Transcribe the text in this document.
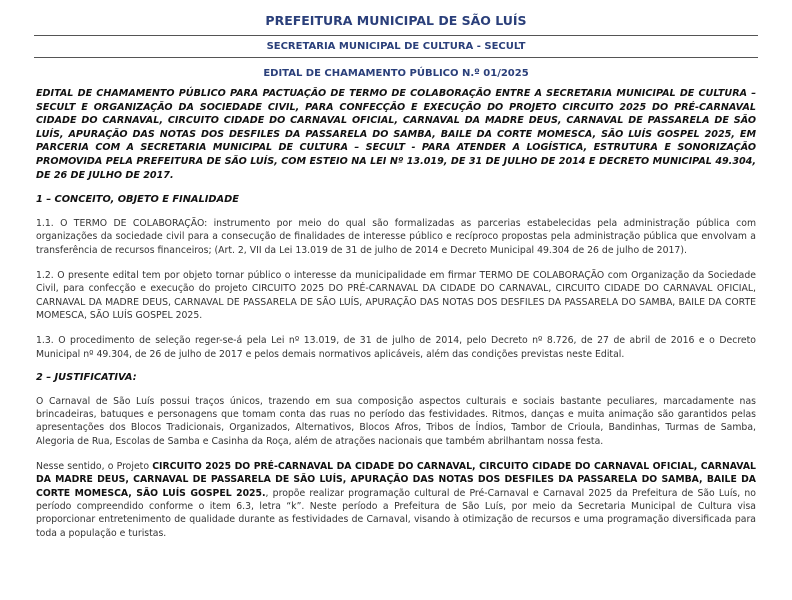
PREFEITURA MUNICIPAL DE SÃO LUÍS
SECRETARIA MUNICIPAL DE CULTURA - SECULT
EDITAL DE CHAMAMENTO PÚBLICO N.º 01/2025

EDITAL DE CHAMAMENTO PÚBLICO PARA PACTUAÇÃO DE TERMO DE COLABORAÇÃO ENTRE A SECRETARIA MUNICIPAL DE CULTURA – SECULT E ORGANIZAÇÃO DA SOCIEDADE CIVIL, PARA CONFECÇÃO E EXECUÇÃO DO PROJETO CIRCUITO 2025 DO PRÉ-CARNAVAL CIDADE DO CARNAVAL, CIRCUITO CIDADE DO CARNAVAL OFICIAL, CARNAVAL DA MADRE DEUS, CARNAVAL DE PASSARELA DE SÃO LUÍS, APURAÇÃO DAS NOTAS DOS DESFILES DA PASSARELA DO SAMBA, BAILE DA CORTE MOMESCA, SÃO LUÍS GOSPEL 2025, EM PARCERIA COM A SECRETARIA MUNICIPAL DE CULTURA – SECULT - PARA ATENDER A LOGÍSTICA, ESTRUTURA E SONORIZAÇÃO PROMOVIDA PELA PREFEITURA DE SÃO LUÍS, COM ESTEIO NA LEI Nº 13.019, DE 31 DE JULHO DE 2014 E DECRETO MUNICIPAL 49.304, DE 26 DE JULHO DE 2017.

1 – CONCEITO, OBJETO E FINALIDADE

1.1. O TERMO DE COLABORAÇÃO: instrumento por meio do qual são formalizadas as parcerias estabelecidas pela administração pública com organizações da sociedade civil para a consecução de finalidades de interesse público e recíproco propostas pela administração pública que envolvam a transferência de recursos financeiros; (Art. 2, VII da Lei 13.019 de 31 de julho de 2014 e Decreto Municipal 49.304 de 26 de julho de 2017).

1.2. O presente edital tem por objeto tornar público o interesse da municipalidade em firmar TERMO DE COLABORAÇÃO com Organização da Sociedade Civil, para confecção e execução do projeto CIRCUITO 2025 DO PRÉ-CARNAVAL DA CIDADE DO CARNAVAL, CIRCUITO CIDADE DO CARNAVAL OFICIAL, CARNAVAL DA MADRE DEUS, CARNAVAL DE PASSARELA DE SÃO LUÍS, APURAÇÃO DAS NOTAS DOS DESFILES DA PASSARELA DO SAMBA, BAILE DA CORTE MOMESCA, SÃO LUÍS GOSPEL 2025.

1.3. O procedimento de seleção reger-se-á pela Lei nº 13.019, de 31 de julho de 2014, pelo Decreto nº 8.726, de 27 de abril de 2016 e o Decreto Municipal nº 49.304, de 26 de julho de 2017 e pelos demais normativos aplicáveis, além das condições previstas neste Edital.

2 – JUSTIFICATIVA:

O Carnaval de São Luís possui traços únicos, trazendo em sua composição aspectos culturais e sociais bastante peculiares, marcadamente nas brincadeiras, batuques e personagens que tomam conta das ruas no período das festividades. Ritmos, danças e muita animação são garantidos pelas apresentações dos Blocos Tradicionais, Organizados, Alternativos, Blocos Afros, Tribos de Índios, Tambor de Crioula, Bandinhas, Turmas de Samba, Alegoria de Rua, Escolas de Samba e Casinha da Roça, além de atrações nacionais que também abrilhantam nossa festa.

Nesse sentido, o Projeto CIRCUITO 2025 DO PRÉ-CARNAVAL DA CIDADE DO CARNAVAL, CIRCUITO CIDADE DO CARNAVAL OFICIAL, CARNAVAL DA MADRE DEUS, CARNAVAL DE PASSARELA DE SÃO LUÍS, APURAÇÃO DAS NOTAS DOS DESFILES DA PASSARELA DO SAMBA, BAILE DA CORTE MOMESCA, SÃO LUÍS GOSPEL 2025., propõe realizar programação cultural de Pré-Carnaval e Carnaval 2025 da Prefeitura de São Luís, no período compreendido conforme o item 6.3, letra “k”. Neste período a Prefeitura de São Luís, por meio da Secretaria Municipal de Cultura visa proporcionar entretenimento de qualidade durante as festividades de Carnaval, visando à otimização de recursos e uma programação diversificada para toda a população e turistas.
